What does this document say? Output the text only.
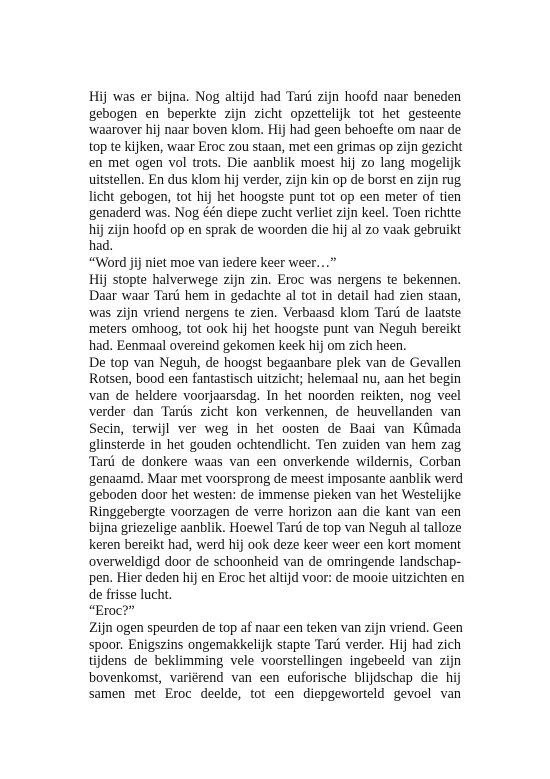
Hij was er bijna. Nog altijd had Tarú zijn hoofd naar beneden
gebogen en beperkte zijn zicht opzettelijk tot het gesteente
waarover hij naar boven klom. Hij had geen behoefte om naar de
top te kijken, waar Eroc zou staan, met een grimas op zijn gezicht
en met ogen vol trots. Die aanblik moest hij zo lang mogelijk
uitstellen. En dus klom hij verder, zijn kin op de borst en zijn rug
licht gebogen, tot hij het hoogste punt tot op een meter of tien
genaderd was. Nog één diepe zucht verliet zijn keel. Toen richtte
hij zijn hoofd op en sprak de woorden die hij al zo vaak gebruikt
had.
“Word jij niet moe van iedere keer weer…”
Hij stopte halverwege zijn zin. Eroc was nergens te bekennen.
Daar waar Tarú hem in gedachte al tot in detail had zien staan,
was zijn vriend nergens te zien. Verbaasd klom Tarú de laatste
meters omhoog, tot ook hij het hoogste punt van Neguh bereikt
had. Eenmaal overeind gekomen keek hij om zich heen.
De top van Neguh, de hoogst begaanbare plek van de Gevallen
Rotsen, bood een fantastisch uitzicht; helemaal nu, aan het begin
van de heldere voorjaarsdag. In het noorden reikten, nog veel
verder dan Tarús zicht kon verkennen, de heuvellanden van
Secin, terwijl ver weg in het oosten de Baai van Kûmada
glinsterde in het gouden ochtendlicht. Ten zuiden van hem zag
Tarú de donkere waas van een onverkende wildernis, Corban
genaamd. Maar met voorsprong de meest imposante aanblik werd
geboden door het westen: de immense pieken van het Westelijke
Ringgebergte voorzagen de verre horizon aan die kant van een
bijna griezelige aanblik. Hoewel Tarú de top van Neguh al talloze
keren bereikt had, werd hij ook deze keer weer een kort moment
overweldigd door de schoonheid van de omringende landschap-
pen. Hier deden hij en Eroc het altijd voor: de mooie uitzichten en
de frisse lucht.
“Eroc?”
Zijn ogen speurden de top af naar een teken van zijn vriend. Geen
spoor. Enigszins ongemakkelijk stapte Tarú verder. Hij had zich
tijdens de beklimming vele voorstellingen ingebeeld van zijn
bovenkomst, variërend van een euforische blijdschap die hij
samen met Eroc deelde, tot een diepgeworteld gevoel van
